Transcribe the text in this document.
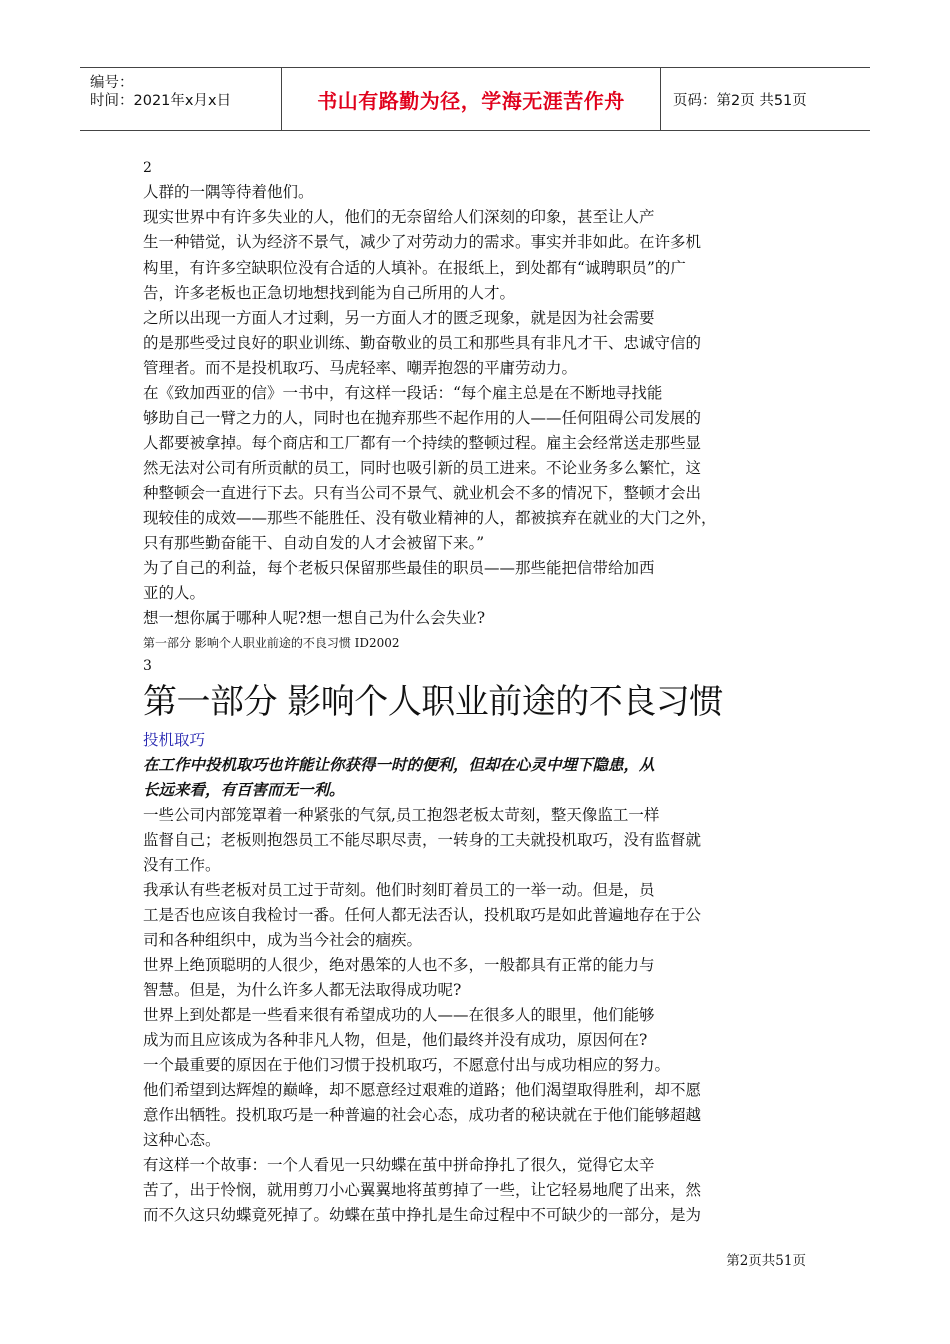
编号：
时间：2021年x月x日	书山有路勤为径，学海无涯苦作舟	页码：第2页 共51页
2
人群的一隅等待着他们。
现实世界中有许多失业的人，他们的无奈留给人们深刻的印象，甚至让人产
生一种错觉，认为经济不景气，减少了对劳动力的需求。事实并非如此。在许多机
构里，有许多空缺职位没有合适的人填补。在报纸上，到处都有“诚聘职员”的广
告，许多老板也正急切地想找到能为自己所用的人才。
之所以出现一方面人才过剩，另一方面人才的匮乏现象，就是因为社会需要
的是那些受过良好的职业训练、勤奋敬业的员工和那些具有非凡才干、忠诚守信的
管理者。而不是投机取巧、马虎轻率、嘲弄抱怨的平庸劳动力。
在《致加西亚的信》一书中，有这样一段话：“每个雇主总是在不断地寻找能
够助自己一臂之力的人，同时也在抛弃那些不起作用的人——任何阻碍公司发展的
人都要被拿掉。每个商店和工厂都有一个持续的整顿过程。雇主会经常送走那些显
然无法对公司有所贡献的员工，同时也吸引新的员工进来。不论业务多么繁忙，这
种整顿会一直进行下去。只有当公司不景气、就业机会不多的情况下，整顿才会出
现较佳的成效——那些不能胜任、没有敬业精神的人，都被摈弃在就业的大门之外，
只有那些勤奋能干、自动自发的人才会被留下来。”
为了自己的利益，每个老板只保留那些最佳的职员——那些能把信带给加西
亚的人。
想一想你属于哪种人呢?想一想自己为什么会失业?
第一部分 影响个人职业前途的不良习惯 ID2002
3
第一部分 影响个人职业前途的不良习惯
投机取巧
在工作中投机取巧也许能让你获得一时的便利，但却在心灵中埋下隐患，从
长远来看，有百害而无一利。
一些公司内部笼罩着一种紧张的气氛,员工抱怨老板太苛刻，整天像监工一样
监督自己；老板则抱怨员工不能尽职尽责，一转身的工夫就投机取巧，没有监督就
没有工作。
我承认有些老板对员工过于苛刻。他们时刻盯着员工的一举一动。但是，员
工是否也应该自我检讨一番。任何人都无法否认，投机取巧是如此普遍地存在于公
司和各种组织中，成为当今社会的痼疾。
世界上绝顶聪明的人很少，绝对愚笨的人也不多，一般都具有正常的能力与
智慧。但是，为什么许多人都无法取得成功呢?
世界上到处都是一些看来很有希望成功的人——在很多人的眼里，他们能够
成为而且应该成为各种非凡人物，但是，他们最终并没有成功，原因何在?
一个最重要的原因在于他们习惯于投机取巧，不愿意付出与成功相应的努力。
他们希望到达辉煌的巅峰，却不愿意经过艰难的道路；他们渴望取得胜利，却不愿
意作出牺牲。投机取巧是一种普遍的社会心态，成功者的秘诀就在于他们能够超越
这种心态。
有这样一个故事：一个人看见一只幼蝶在茧中拼命挣扎了很久，觉得它太辛
苦了，出于怜悯，就用剪刀小心翼翼地将茧剪掉了一些，让它轻易地爬了出来，然
而不久这只幼蝶竟死掉了。幼蝶在茧中挣扎是生命过程中不可缺少的一部分，是为
第2页共51页
